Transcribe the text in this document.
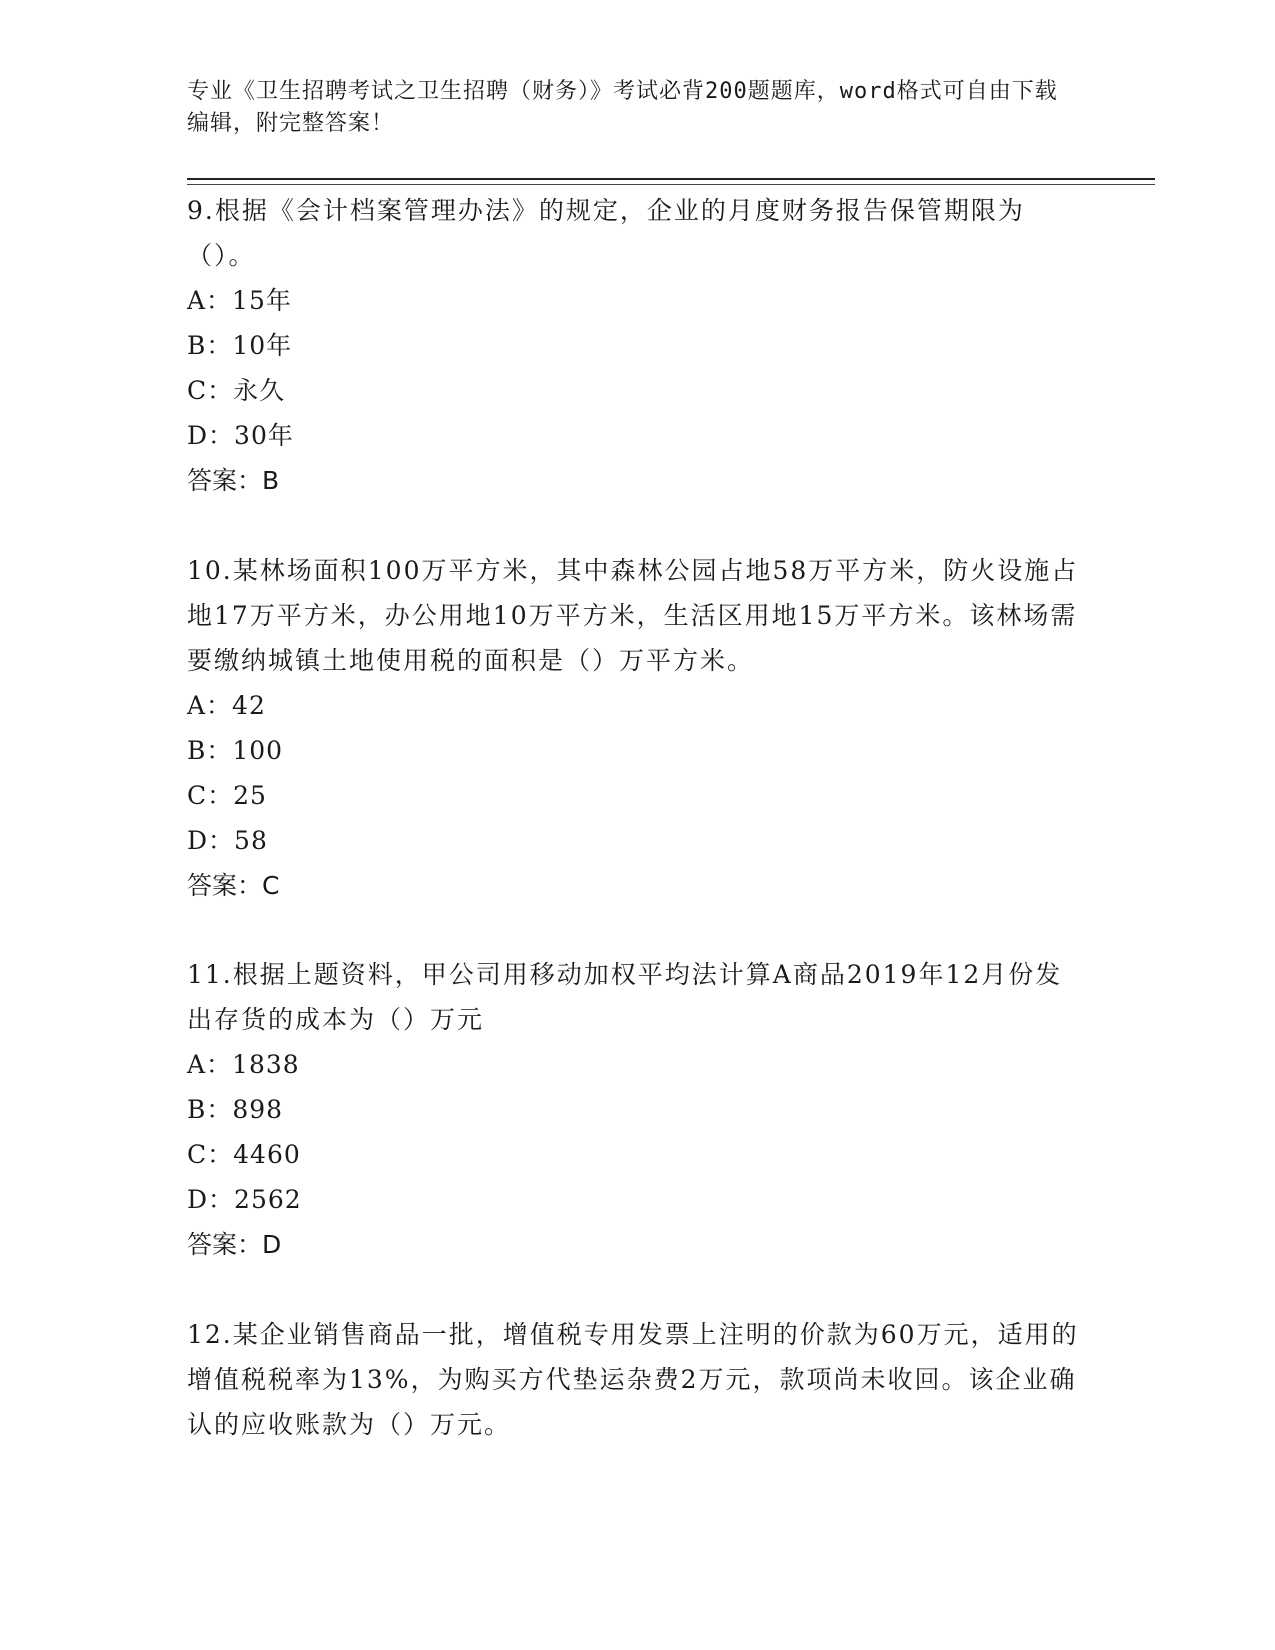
专业《卫生招聘考试之卫生招聘（财务）》考试必背200题题库，word格式可自由下载编辑，附完整答案！

9.根据《会计档案管理办法》的规定，企业的月度财务报告保管期限为（）。

A：15年

B：10年

C：永久

D：30年

答案：B

10.某林场面积100万平方米，其中森林公园占地58万平方米，防火设施占地17万平方米，办公用地10万平方米，生活区用地15万平方米。该林场需要缴纳城镇土地使用税的面积是（）万平方米。

A：42

B：100

C：25

D：58

答案：C

11.根据上题资料，甲公司用移动加权平均法计算A商品2019年12月份发出存货的成本为（）万元

A：1838

B：898

C：4460

D：2562

答案：D

12.某企业销售商品一批，增值税专用发票上注明的价款为60万元，适用的增值税税率为13%，为购买方代垫运杂费2万元，款项尚未收回。该企业确认的应收账款为（）万元。
